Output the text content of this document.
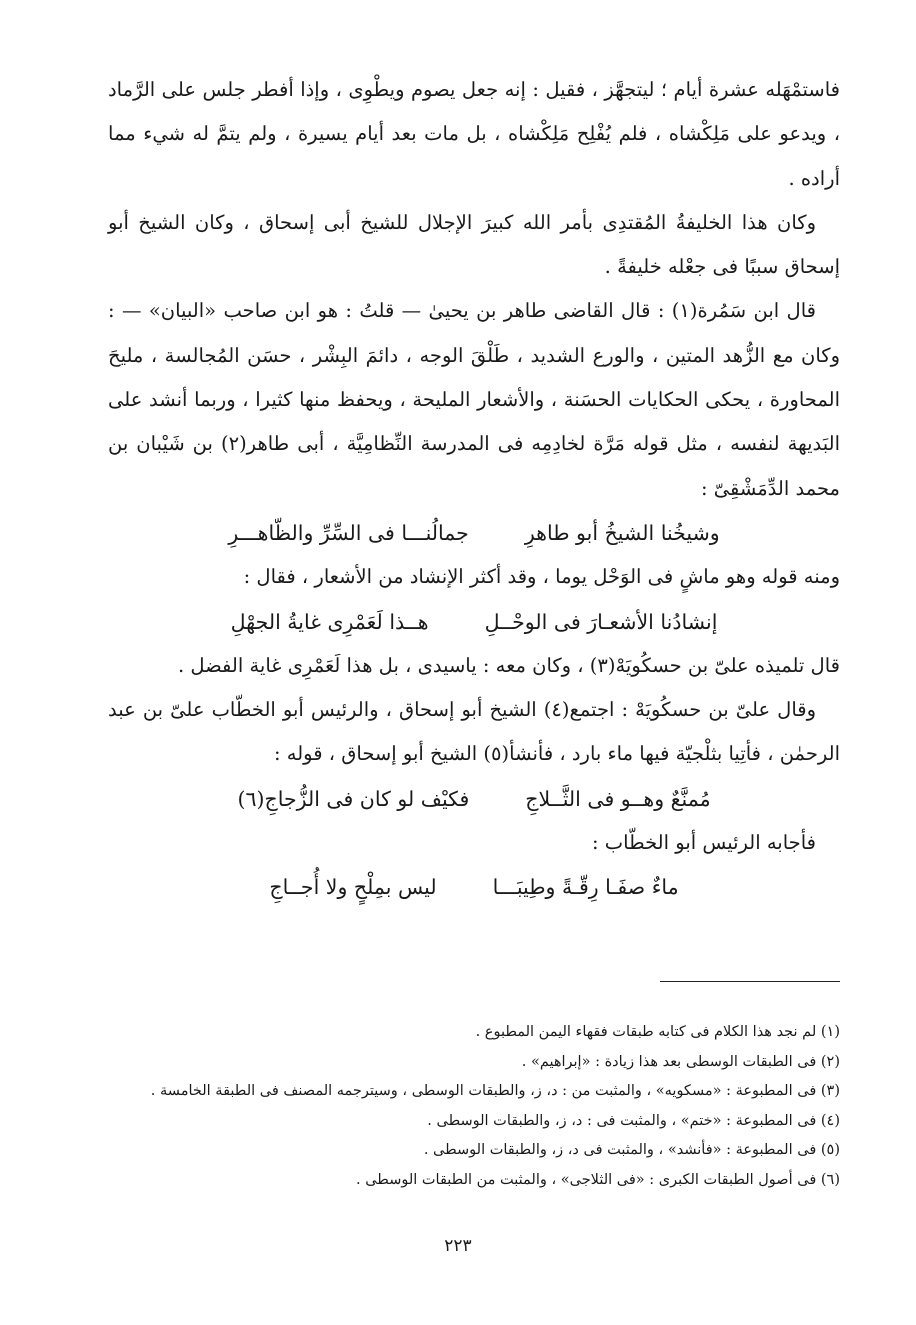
فاستمْهَله عشرة أيام ؛ ليتجهَّز ، فقيل : إنه جعل يصوم ويطْوِى ، وإذا أفطر جلس على الرَّماد ، ويدعو على مَلِكْشاه ، فلم يُفْلِح مَلِكْشاه ، بل مات بعد أيام يسيرة ، ولم يتمَّ له شيء مما أراده .

وكان هذا الخليفةُ المُقتدِى بأمر الله كبيرَ الإجلال للشيخ أبى إسحاق ، وكان الشيخ أبو إسحاق سببًا فى جعْله خليفةً .

قال ابن سَمُرة(١) : قال القاضى طاهر بن يحيىٰ — قلتُ : هو ابن صاحب «البيان» — : وكان مع الزُّهد المتين ، والورع الشديد ، طَلْقَ الوجه ، دائمَ البِشْر ، حسَن المُجالسة ، مليحَ المحاورة ، يحكى الحكايات الحسَنة ، والأشعار المليحة ، ويحفظ منها كثيرا ، وربما أنشد على البَديهة لنفسه ، مثل قوله مَرَّة لخادِمِه فى المدرسة النِّظامِيَّة ، أبى طاهر(٢) بن شَيْبان بن محمد الدِّمَشْقِىّ :

وشيخُنا الشيخُ أبو طاهرِ
جمالُنـــا فى السِّرِّ والظّاهـــرِ

ومنه قوله وهو ماشٍ فى الوَحْل يوما ، وقد أكثر الإنشاد من الأشعار ، فقال :

إنشادُنا الأشعـارَ فى الوحْــلِ
هــذا لَعَمْرِى غايةُ الجهْلِ

قال تلميذه علىّ بن حسكُويَهْ(٣) ، وكان معه : ياسيدى ، بل هذا لَعَمْرِى غاية الفضل .

وقال علىّ بن حسكُويَهْ : اجتمع(٤) الشيخ أبو إسحاق ، والرئيس أبو الخطّاب علىّ بن عبد الرحمٰن ، فأتِيا بثلْجيّة فيها ماء بارد ، فأنشأ(٥) الشيخ أبو إسحاق ، قوله :

مُمنَّعٌ وهــو فى الثَّــلاجِ
فكيْف لو كان فى الزُّجاجِ(٦)

فأجابه الرئيس أبو الخطّاب :

ماءٌ صفَـا رِقّـةً وطِيبَـــا
ليس بمِلْحٍ ولا أُجــاجِ

(١) لم نجد هذا الكلام فى كتابه طبقات فقهاء اليمن المطبوع .

(٢) فى الطبقات الوسطى بعد هذا زيادة : «إبراهيم» .

(٣) فى المطبوعة : «مسكويه» ، والمثبت من : د، ز، والطبقات الوسطى ، وسيترجمه المصنف فى الطبقة الخامسة .

(٤) فى المطبوعة : «ختم» ، والمثبت فى : د، ز، والطبقات الوسطى .

(٥) فى المطبوعة : «فأنشد» ، والمثبت فى د، ز، والطبقات الوسطى .

(٦) فى أصول الطبقات الكبرى : «فى الثلاجى» ، والمثبت من الطبقات الوسطى .

٢٢٣
